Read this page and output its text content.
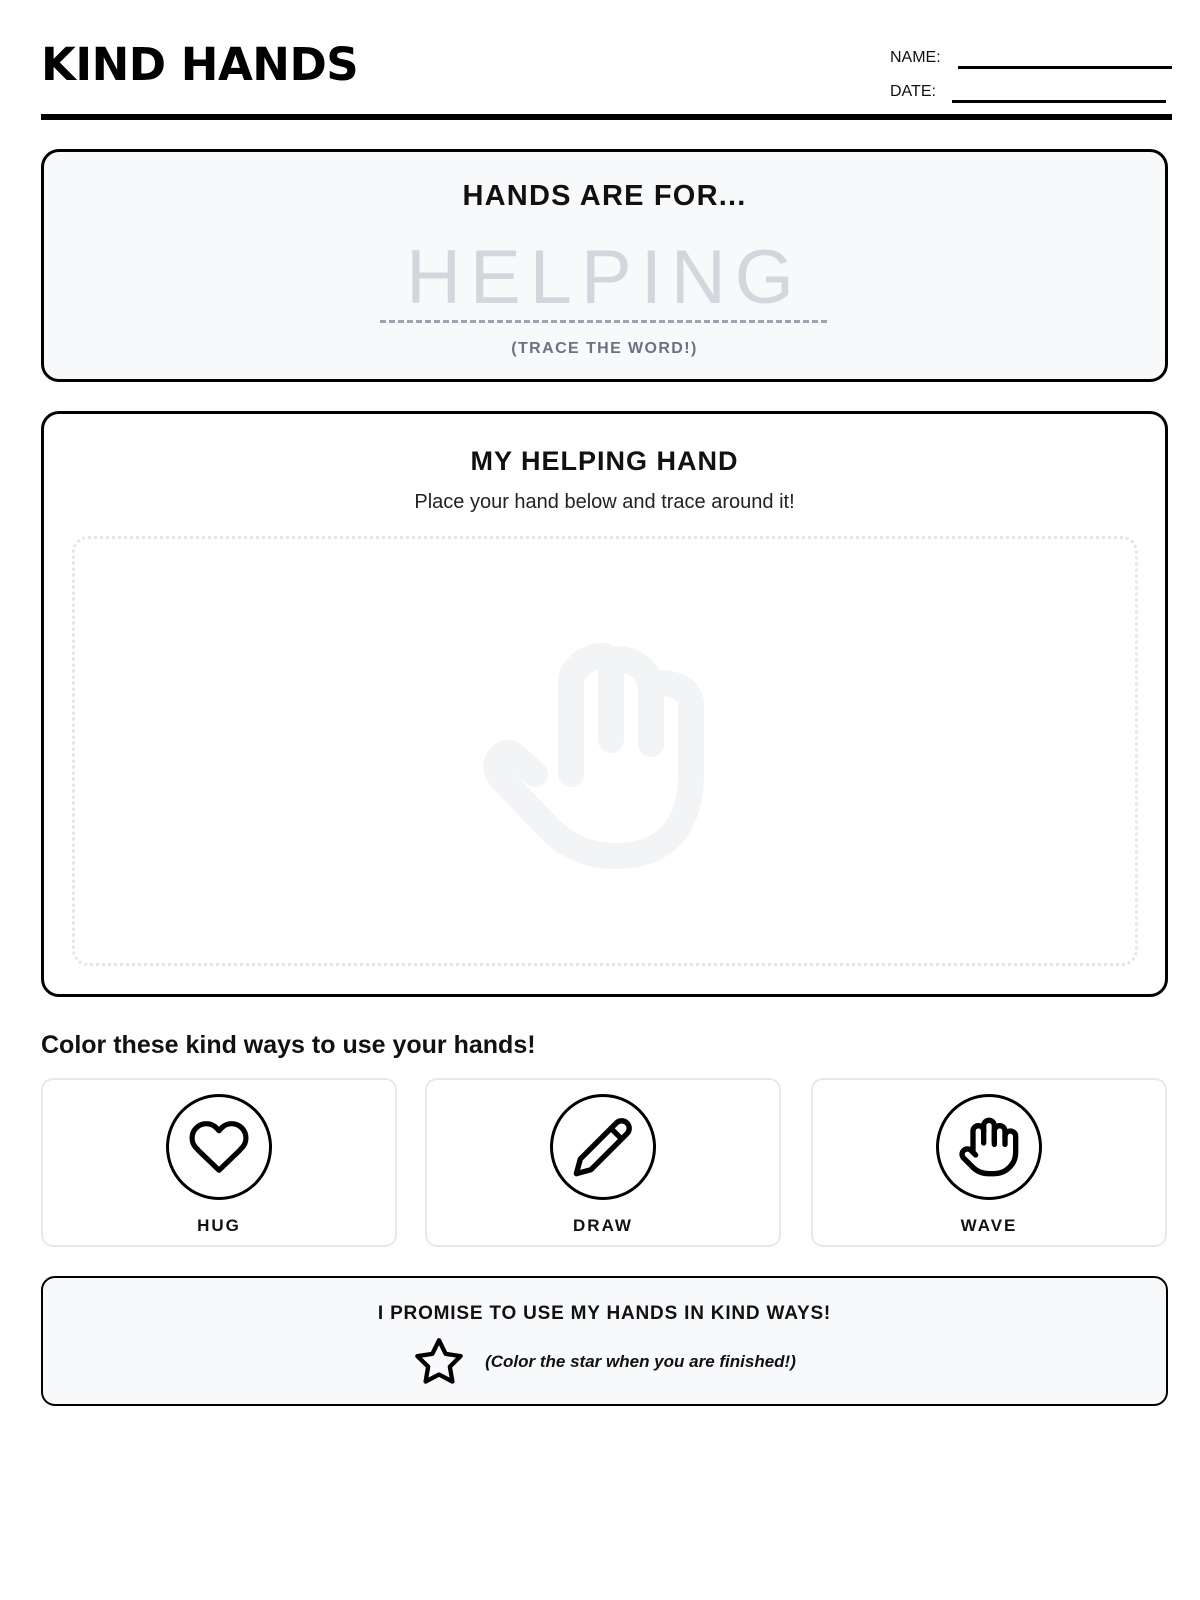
KIND HANDS	NAME:
DATE:
HANDS ARE FOR...
HELPING
(TRACE THE WORD!)
MY HELPING HAND
Place your hand below and trace around it!
Color these kind ways to use your hands!
HUG	DRAW	WAVE
I PROMISE TO USE MY HANDS IN KIND WAYS!
(Color the star when you are finished!)
